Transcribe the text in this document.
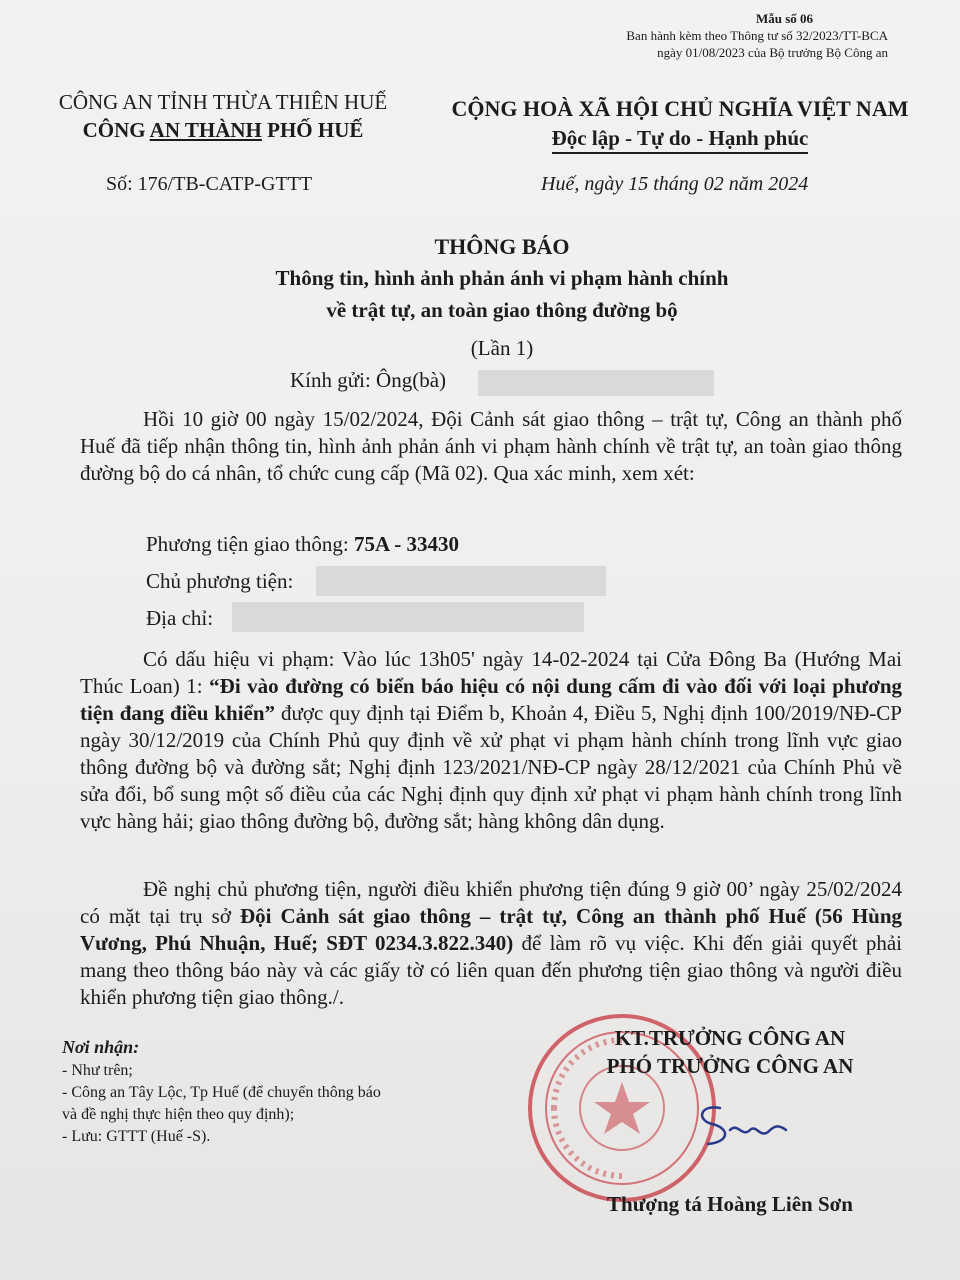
Mẫu số 06
Ban hành kèm theo Thông tư số 32/2023/TT-BCA
ngày 01/08/2023 của Bộ trưởng Bộ Công an
CÔNG AN TỈNH THỪA THIÊN HUẾ
CÔNG AN THÀNH PHỐ HUẾ
CỘNG HOÀ XÃ HỘI CHỦ NGHĨA VIỆT NAM
Độc lập - Tự do - Hạnh phúc
Số: 176/TB-CATP-GTTT	Huế, ngày 15 tháng 02 năm 2024
THÔNG BÁO
Thông tin, hình ảnh phản ánh vi phạm hành chính
về trật tự, an toàn giao thông đường bộ
(Lần 1)
Kính gửi: Ông(bà)
Hồi 10 giờ 00 ngày 15/02/2024, Đội Cảnh sát giao thông – trật tự, Công an thành phố Huế đã tiếp nhận thông tin, hình ảnh phản ánh vi phạm hành chính về trật tự, an toàn giao thông đường bộ do cá nhân, tổ chức cung cấp (Mã 02). Qua xác minh, xem xét:
Phương tiện giao thông: 75A - 33430
Chủ phương tiện:
Địa chỉ:
Có dấu hiệu vi phạm: Vào lúc 13h05' ngày 14-02-2024 tại Cửa Đông Ba (Hướng Mai Thúc Loan) 1: “Đi vào đường có biển báo hiệu có nội dung cấm đi vào đối với loại phương tiện đang điều khiển” được quy định tại Điểm b, Khoản 4, Điều 5, Nghị định 100/2019/NĐ-CP ngày 30/12/2019 của Chính Phủ quy định về xử phạt vi phạm hành chính trong lĩnh vực giao thông đường bộ và đường sắt; Nghị định 123/2021/NĐ-CP ngày 28/12/2021 của Chính Phủ về sửa đổi, bổ sung một số điều của các Nghị định quy định xử phạt vi phạm hành chính trong lĩnh vực hàng hải; giao thông đường bộ, đường sắt; hàng không dân dụng.
Đề nghị chủ phương tiện, người điều khiển phương tiện đúng 9 giờ 00’ ngày 25/02/2024 có mặt tại trụ sở Đội Cảnh sát giao thông – trật tự, Công an thành phố Huế (56 Hùng Vương, Phú Nhuận, Huế; SĐT 0234.3.822.340) để làm rõ vụ việc. Khi đến giải quyết phải mang theo thông báo này và các giấy tờ có liên quan đến phương tiện giao thông và người điều khiển phương tiện giao thông./.
Nơi nhận:
- Như trên;
- Công an Tây Lộc, Tp Huế (để chuyển thông báo
và đề nghị thực hiện theo quy định);
- Lưu: GTTT (Huế -S).
KT.TRƯỞNG CÔNG AN
PHÓ TRƯỞNG CÔNG AN
Thượng tá Hoàng Liên Sơn
